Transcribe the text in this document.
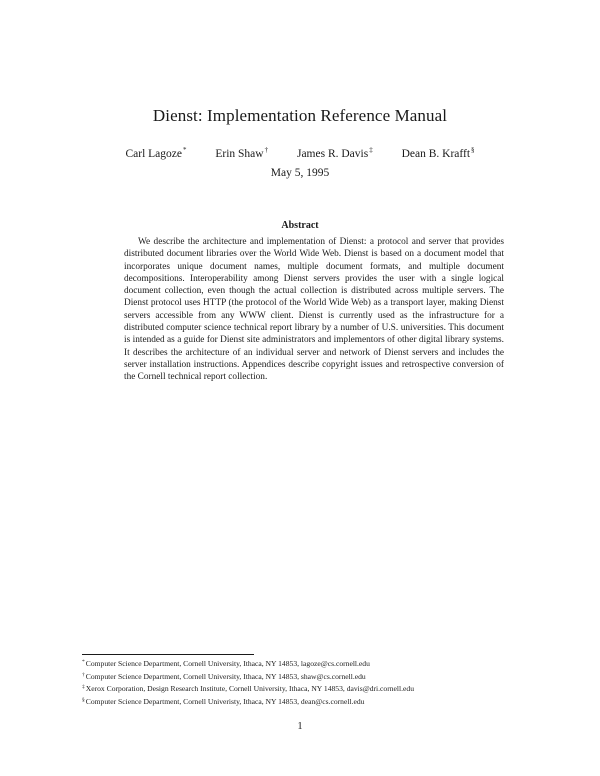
Dienst: Implementation Reference Manual
Carl Lagoze*	Erin Shaw†	James R. Davis‡	Dean B. Krafft§
May 5, 1995
Abstract

We describe the architecture and implementation of Dienst: a protocol and server that provides distributed document libraries over the World Wide Web. Dienst is based on a document model that incorporates unique document names, multiple document formats, and multiple document decompositions. Interoperability among Dienst servers provides the user with a single logical document collection, even though the actual collection is distributed across multiple servers. The Dienst protocol uses HTTP (the protocol of the World Wide Web) as a transport layer, making Dienst servers accessible from any WWW client. Dienst is currently used as the infrastructure for a distributed computer science technical report library by a number of U.S. universities. This document is intended as a guide for Dienst site administrators and implementors of other digital library systems. It describes the architecture of an individual server and network of Dienst servers and includes the server installation instructions. Appendices describe copyright issues and retrospective conversion of the Cornell technical report collection.

*Computer Science Department, Cornell University, Ithaca, NY 14853, lagoze@cs.cornell.edu
†Computer Science Department, Cornell University, Ithaca, NY 14853, shaw@cs.cornell.edu
‡Xerox Corporation, Design Research Institute, Cornell University, Ithaca, NY 14853, davis@dri.cornell.edu
§Computer Science Department, Cornell Univeristy, Ithaca, NY 14853, dean@cs.cornell.edu
1
